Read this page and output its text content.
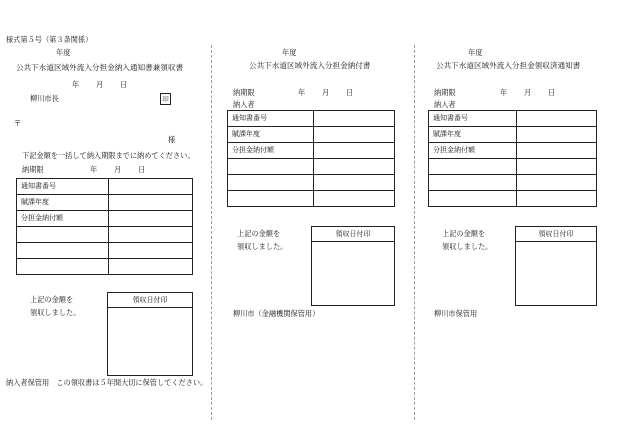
様式第５号（第３条関係）
年度
公共下水道区域外流入分担金納入通知書兼領収書
年 月 日
柳川市長	印
〒
様
下記金額を一括して納入期限までに納めてください。
納期限	年 月 日
通知書番号	
賦課年度	
分担金納付額	

上記の金額を
領収しました。
領収日付印
納入者保管用　この領収書は５年間大切に保管してください。
年度
公共下水道区域外流入分担金納付書
納期限	年 月 日
納入者
通知書番号	
賦課年度	
分担金納付額	

上記の金額を
領収しました。
領収日付印
柳川市（金融機関保管用）
年度
公共下水道区域外流入分担金領収済通知書
納期限	年 月 日
納入者
通知書番号	
賦課年度	
分担金納付額	

上記の金額を
領収しました。
領収日付印
柳川市保管用
